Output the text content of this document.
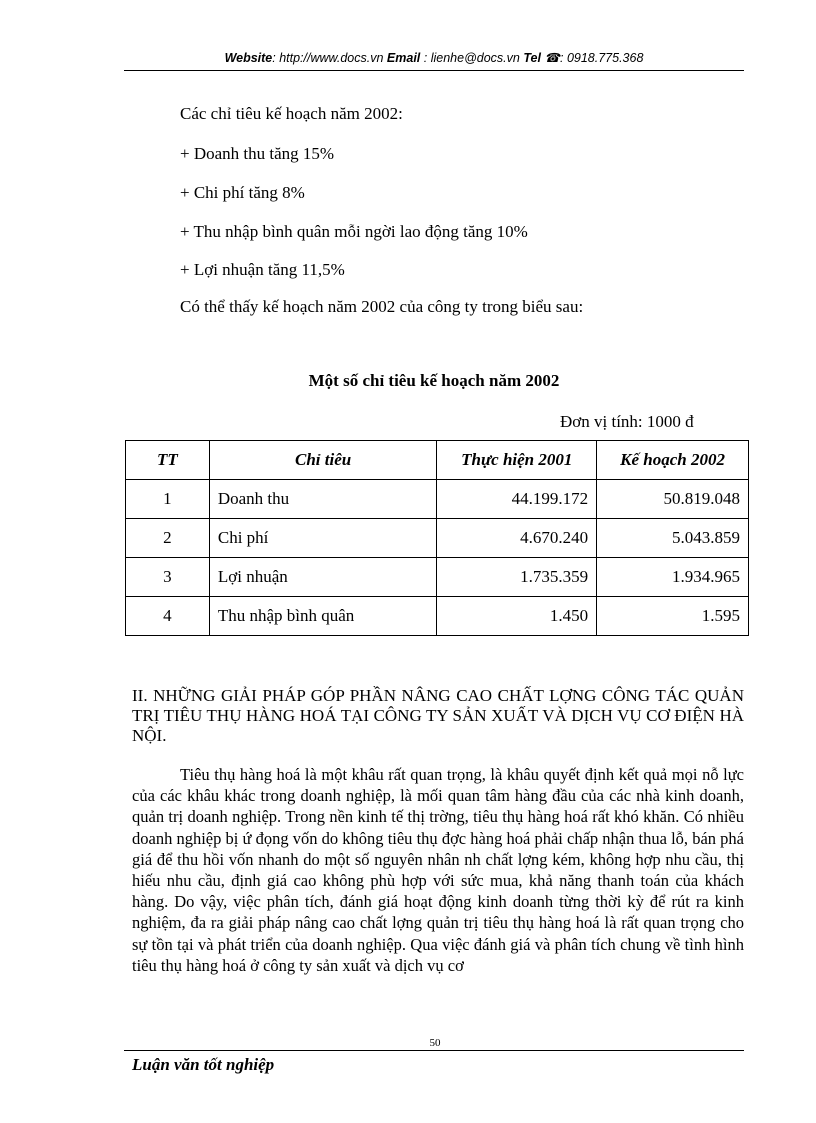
Website: http://www.docs.vn Email : lienhe@docs.vn Tel ☎: 0918.775.368
Các chỉ tiêu kế hoạch năm 2002:
+ Doanh thu tăng 15%
+ Chi phí tăng 8%
+ Thu nhập bình quân mỗi ngời lao động tăng 10%
+ Lợi nhuận tăng 11,5%
Có thể thấy kế hoạch năm 2002 của công ty trong biểu sau:
Một số chỉ tiêu kế hoạch năm 2002
Đơn vị tính: 1000 đ
TT	Chỉ tiêu	Thực hiện 2001	Kế hoạch 2002
1	Doanh thu	44.199.172	50.819.048
2	Chi phí	4.670.240	5.043.859
3	Lợi nhuận	1.735.359	1.934.965
4	Thu nhập bình quân	1.450	1.595
II. NHỮNG GIẢI PHÁP GÓP PHẦN NÂNG CAO CHẤT LỢNG CÔNG TÁC QUẢN TRỊ TIÊU THỤ HÀNG HOÁ TẠI CÔNG TY SẢN XUẤT VÀ DỊCH VỤ CƠ ĐIỆN HÀ NỘI.
Tiêu thụ hàng hoá là một khâu rất quan trọng, là khâu quyết định kết quả mọi nỗ lực của các khâu khác trong doanh nghiệp, là mối quan tâm hàng đầu của các nhà kinh doanh, quản trị doanh nghiệp. Trong nền kinh tế thị trờng, tiêu thụ hàng hoá rất khó khăn. Có nhiều doanh nghiệp bị ứ đọng vốn do không tiêu thụ đợc hàng hoá phải chấp nhận thua lỗ, bán phá giá để thu hồi vốn nhanh do một số nguyên nhân nh chất lợng kém, không hợp nhu cầu, thị hiếu nhu cầu, định giá cao không phù hợp với sức mua, khả năng thanh toán của khách hàng. Do vậy, việc phân tích, đánh giá hoạt động kinh doanh từng thời kỳ để rút ra kinh nghiệm, đa ra giải pháp nâng cao chất lợng quản trị tiêu thụ hàng hoá là rất quan trọng cho sự tồn tại và phát triển của doanh nghiệp. Qua việc đánh giá và phân tích chung về tình hình tiêu thụ hàng hoá ở công ty sản xuất và dịch vụ cơ
50
Luận văn tốt nghiệp
